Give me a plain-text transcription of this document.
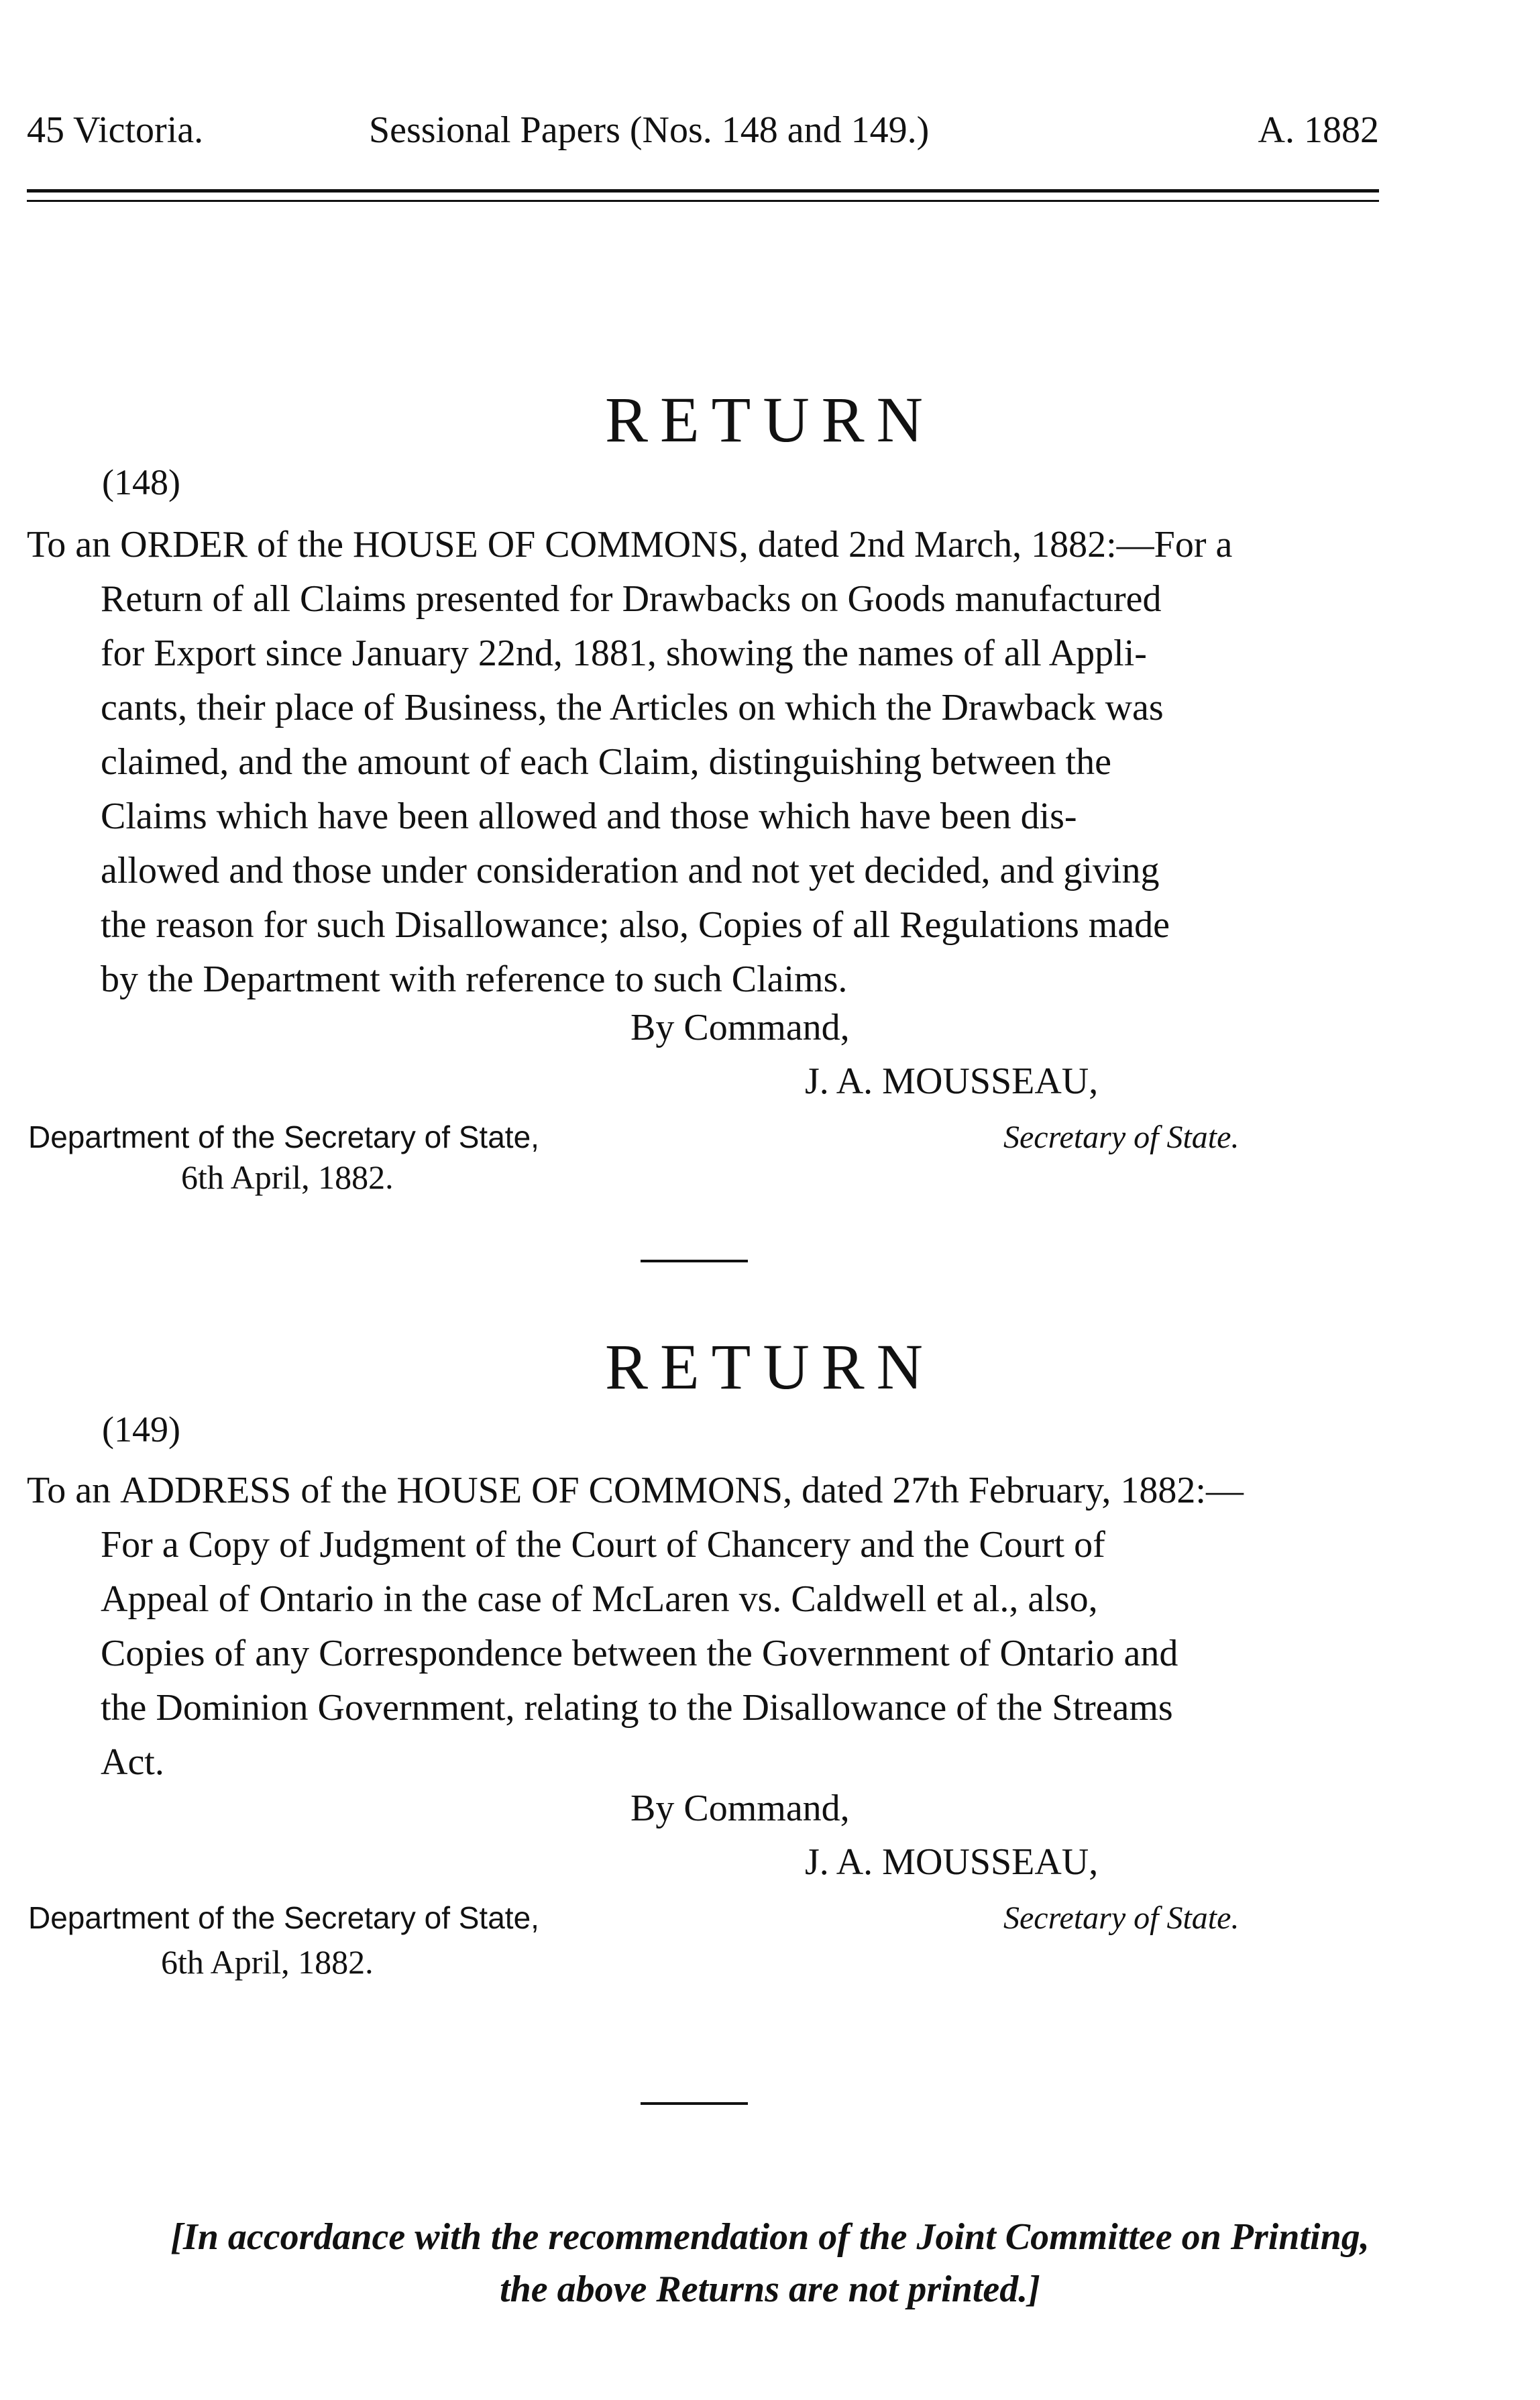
45 Victoria.	Sessional Papers (Nos. 148 and 149.)	A. 1882
RETURN
(148)
To an ORDER of the HOUSE OF COMMONS, dated 2nd March, 1882:—For a
Return of all Claims presented for Drawbacks on Goods manufactured
for Export since January 22nd, 1881, showing the names of all Appli-
cants, their place of Business, the Articles on which the Drawback was
claimed, and the amount of each Claim, distinguishing between the
Claims which have been allowed and those which have been dis-
allowed and those under consideration and not yet decided, and giving
the reason for such Disallowance; also, Copies of all Regulations made
by the Department with reference to such Claims.
By Command,
J. A. MOUSSEAU,
Department of the Secretary of State,	Secretary of State.
6th April, 1882.
RETURN
(149)
To an ADDRESS of the HOUSE OF COMMONS, dated 27th February, 1882:—
For a Copy of Judgment of the Court of Chancery and the Court of
Appeal of Ontario in the case of McLaren vs. Caldwell et al., also,
Copies of any Correspondence between the Government of Ontario and
the Dominion Government, relating to the Disallowance of the Streams
Act.
By Command,
J. A. MOUSSEAU,
Department of the Secretary of State,	Secretary of State.
6th April, 1882.
[In accordance with the recommendation of the Joint Committee on Printing,
the above Returns are not printed.]
